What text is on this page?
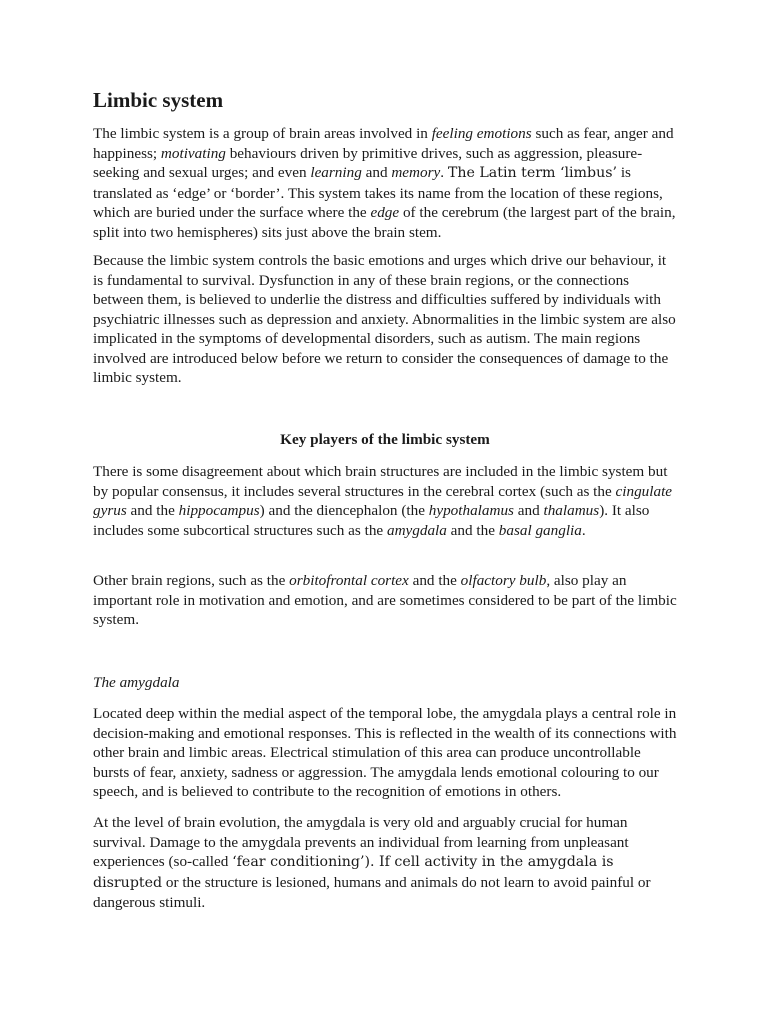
Limbic system

The limbic system is a group of brain areas involved in feeling emotions such as fear, anger and happiness; motivating behaviours driven by primitive drives, such as aggression, pleasure-seeking and sexual urges; and even learning and memory. The Latin term ‘limbus’ is translated as ‘edge’ or ‘border’. This system takes its name from the location of these regions, which are buried under the surface where the edge of the cerebrum (the largest part of the brain, split into two hemispheres) sits just above the brain stem.

Because the limbic system controls the basic emotions and urges which drive our behaviour, it is fundamental to survival. Dysfunction in any of these brain regions, or the connections between them, is believed to underlie the distress and difficulties suffered by individuals with psychiatric illnesses such as depression and anxiety. Abnormalities in the limbic system are also implicated in the symptoms of developmental disorders, such as autism. The main regions involved are introduced below before we return to consider the consequences of damage to the limbic system.

Key players of the limbic system

There is some disagreement about which brain structures are included in the limbic system but by popular consensus, it includes several structures in the cerebral cortex (such as the cingulate gyrus and the hippocampus) and the diencephalon (the hypothalamus and thalamus). It also includes some subcortical structures such as the amygdala and the basal ganglia.

Other brain regions, such as the orbitofrontal cortex and the olfactory bulb, also play an important role in motivation and emotion, and are sometimes considered to be part of the limbic system.

The amygdala

Located deep within the medial aspect of the temporal lobe, the amygdala plays a central role in decision-making and emotional responses. This is reflected in the wealth of its connections with other brain and limbic areas. Electrical stimulation of this area can produce uncontrollable bursts of fear, anxiety, sadness or aggression. The amygdala lends emotional colouring to our speech, and is believed to contribute to the recognition of emotions in others.

At the level of brain evolution, the amygdala is very old and arguably crucial for human survival. Damage to the amygdala prevents an individual from learning from unpleasant experiences (so-called ‘fear conditioning’). If cell activity in the amygdala is disrupted or the structure is lesioned, humans and animals do not learn to avoid painful or dangerous stimuli.
